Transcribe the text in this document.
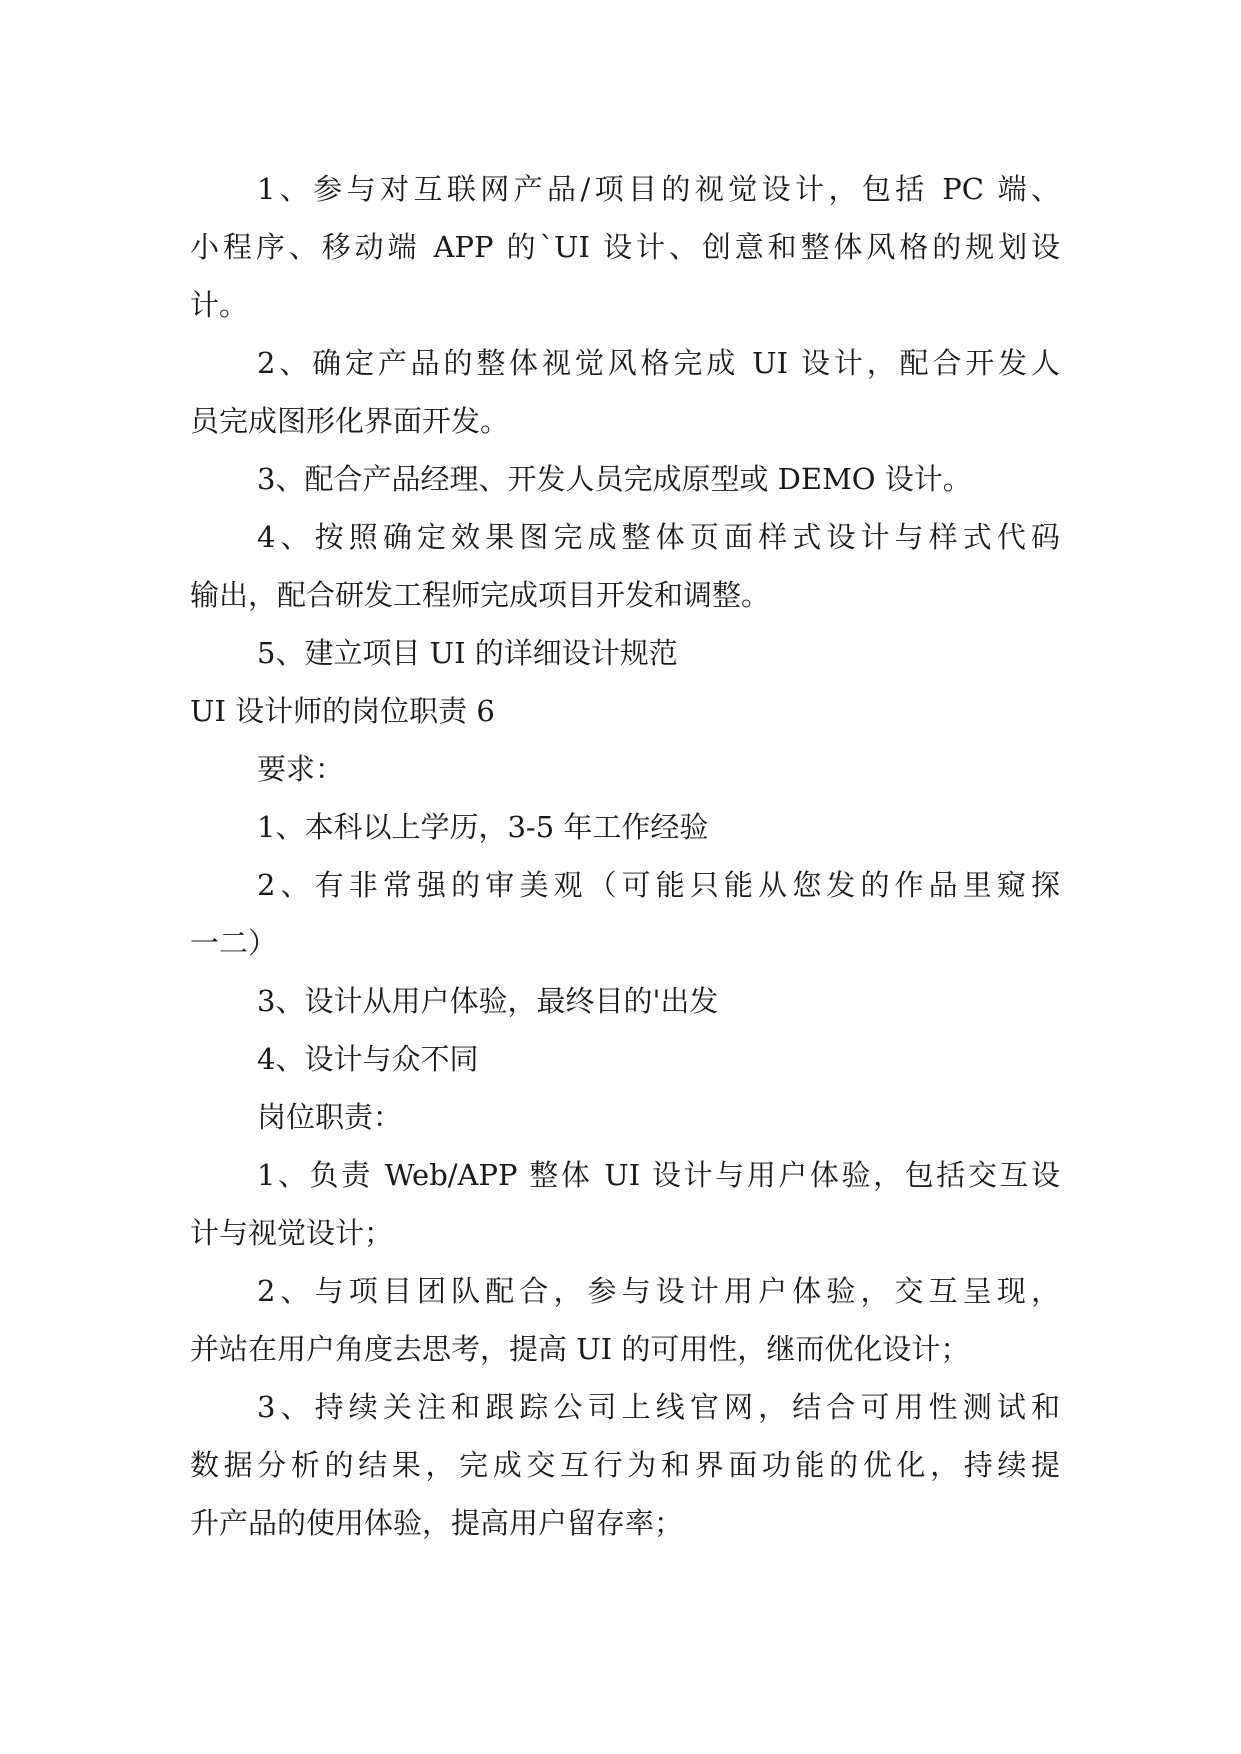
1、参与对互联网产品/项目的视觉设计，包括 PC 端、
小程序、移动端 APP 的`UI 设计、创意和整体风格的规划设
计。
2、确定产品的整体视觉风格完成 UI 设计，配合开发人
员完成图形化界面开发。
3、配合产品经理、开发人员完成原型或 DEMO 设计。
4、按照确定效果图完成整体页面样式设计与样式代码
输出，配合研发工程师完成项目开发和调整。
5、建立项目 UI 的详细设计规范
UI 设计师的岗位职责 6
要求：
1、本科以上学历，3-5 年工作经验
2、有非常强的审美观（可能只能从您发的作品里窥探
一二）
3、设计从用户体验，最终目的'出发
4、设计与众不同
岗位职责：
1、负责 Web/APP 整体 UI 设计与用户体验，包括交互设
计与视觉设计；
2、与项目团队配合，参与设计用户体验，交互呈现，
并站在用户角度去思考，提高 UI 的可用性，继而优化设计；
3、持续关注和跟踪公司上线官网，结合可用性测试和
数据分析的结果，完成交互行为和界面功能的优化，持续提
升产品的使用体验，提高用户留存率；
